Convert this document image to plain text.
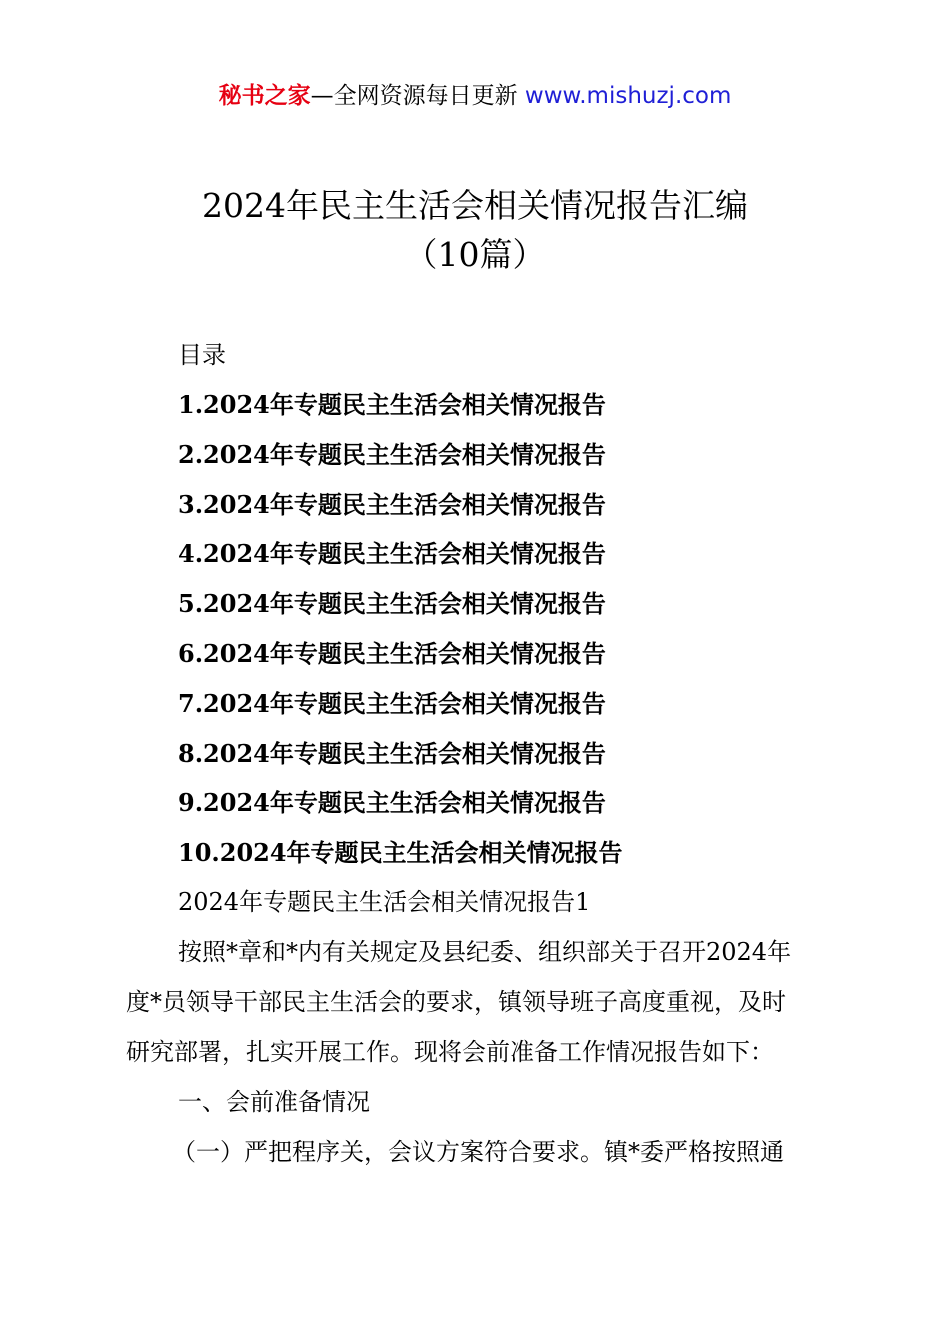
秘书之家—全网资源每日更新 www.mishuzj.com
2024年民主生活会相关情况报告汇编
（10篇）
目录
1.2024年专题民主生活会相关情况报告
2.2024年专题民主生活会相关情况报告
3.2024年专题民主生活会相关情况报告
4.2024年专题民主生活会相关情况报告
5.2024年专题民主生活会相关情况报告
6.2024年专题民主生活会相关情况报告
7.2024年专题民主生活会相关情况报告
8.2024年专题民主生活会相关情况报告
9.2024年专题民主生活会相关情况报告
10.2024年专题民主生活会相关情况报告
2024年专题民主生活会相关情况报告1
按照*章和*内有关规定及县纪委、组织部关于召开2024年
度*员领导干部民主生活会的要求，镇领导班子高度重视，及时
研究部署，扎实开展工作。现将会前准备工作情况报告如下：
一、会前准备情况
（一）严把程序关，会议方案符合要求。镇*委严格按照通
